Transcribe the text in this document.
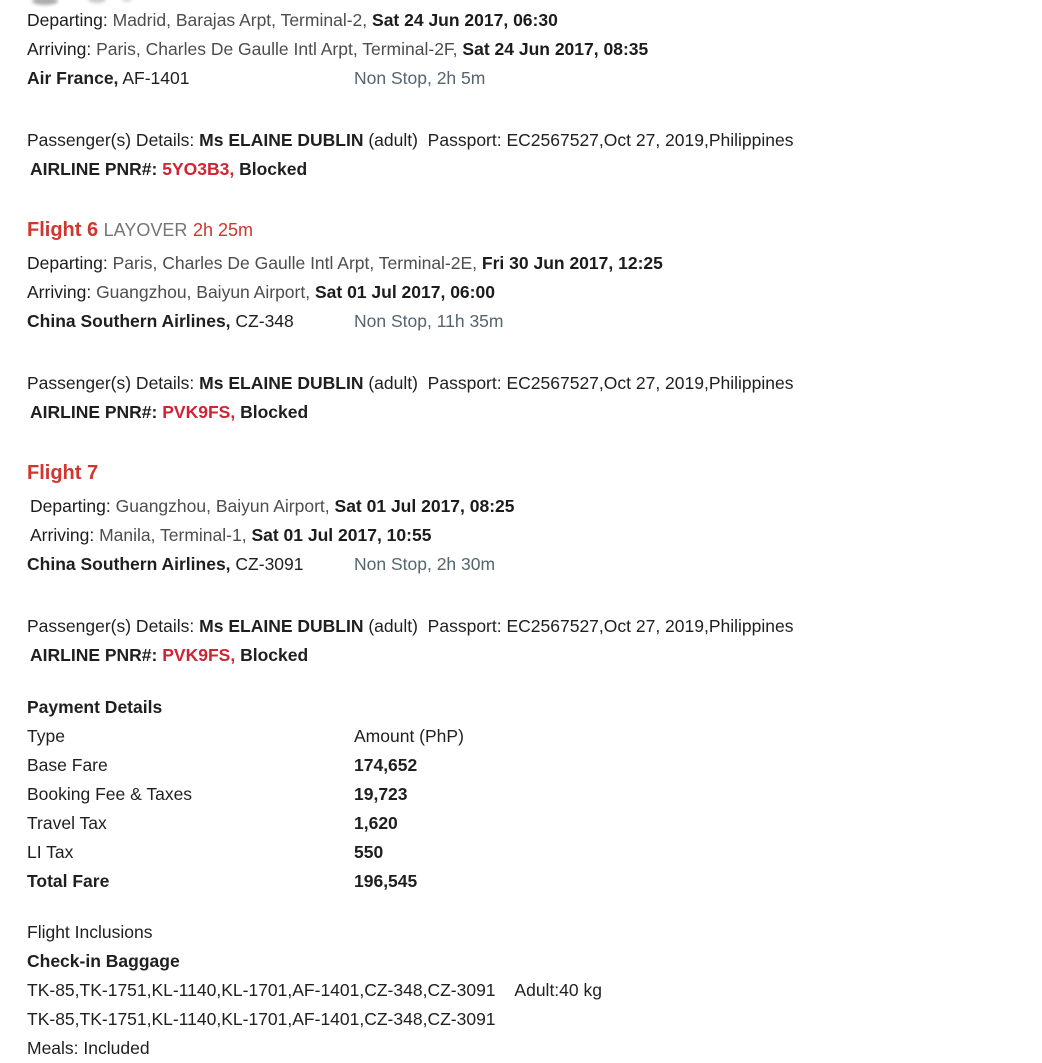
Departing: Madrid, Barajas Arpt, Terminal-2, Sat 24 Jun 2017, 06:30

Arriving: Paris, Charles De Gaulle Intl Arpt, Terminal-2F, Sat 24 Jun 2017, 08:35

Air France, AF-1401	Non Stop, 2h 5m

Passenger(s) Details: Ms ELAINE DUBLIN (adult)  Passport: EC2567527,Oct 27, 2019,Philippines

AIRLINE PNR#: 5YO3B3, Blocked

Flight 6 LAYOVER 2h 25m

Departing: Paris, Charles De Gaulle Intl Arpt, Terminal-2E, Fri 30 Jun 2017, 12:25

Arriving: Guangzhou, Baiyun Airport, Sat 01 Jul 2017, 06:00

China Southern Airlines, CZ-348	Non Stop, 11h 35m

Passenger(s) Details: Ms ELAINE DUBLIN (adult)  Passport: EC2567527,Oct 27, 2019,Philippines

AIRLINE PNR#: PVK9FS, Blocked

Flight 7

Departing: Guangzhou, Baiyun Airport, Sat 01 Jul 2017, 08:25

Arriving: Manila, Terminal-1, Sat 01 Jul 2017, 10:55

China Southern Airlines, CZ-3091	Non Stop, 2h 30m

Passenger(s) Details: Ms ELAINE DUBLIN (adult)  Passport: EC2567527,Oct 27, 2019,Philippines

AIRLINE PNR#: PVK9FS, Blocked

Payment Details

Type	Amount (PhP)
Base Fare	174,652
Booking Fee & Taxes	19,723
Travel Tax	1,620
LI Tax	550
Total Fare	196,545

Flight Inclusions

Check-in Baggage

TK-85,TK-1751,KL-1140,KL-1701,AF-1401,CZ-348,CZ-3091 Adult:40 kg

TK-85,TK-1751,KL-1140,KL-1701,AF-1401,CZ-348,CZ-3091

Meals: Included
